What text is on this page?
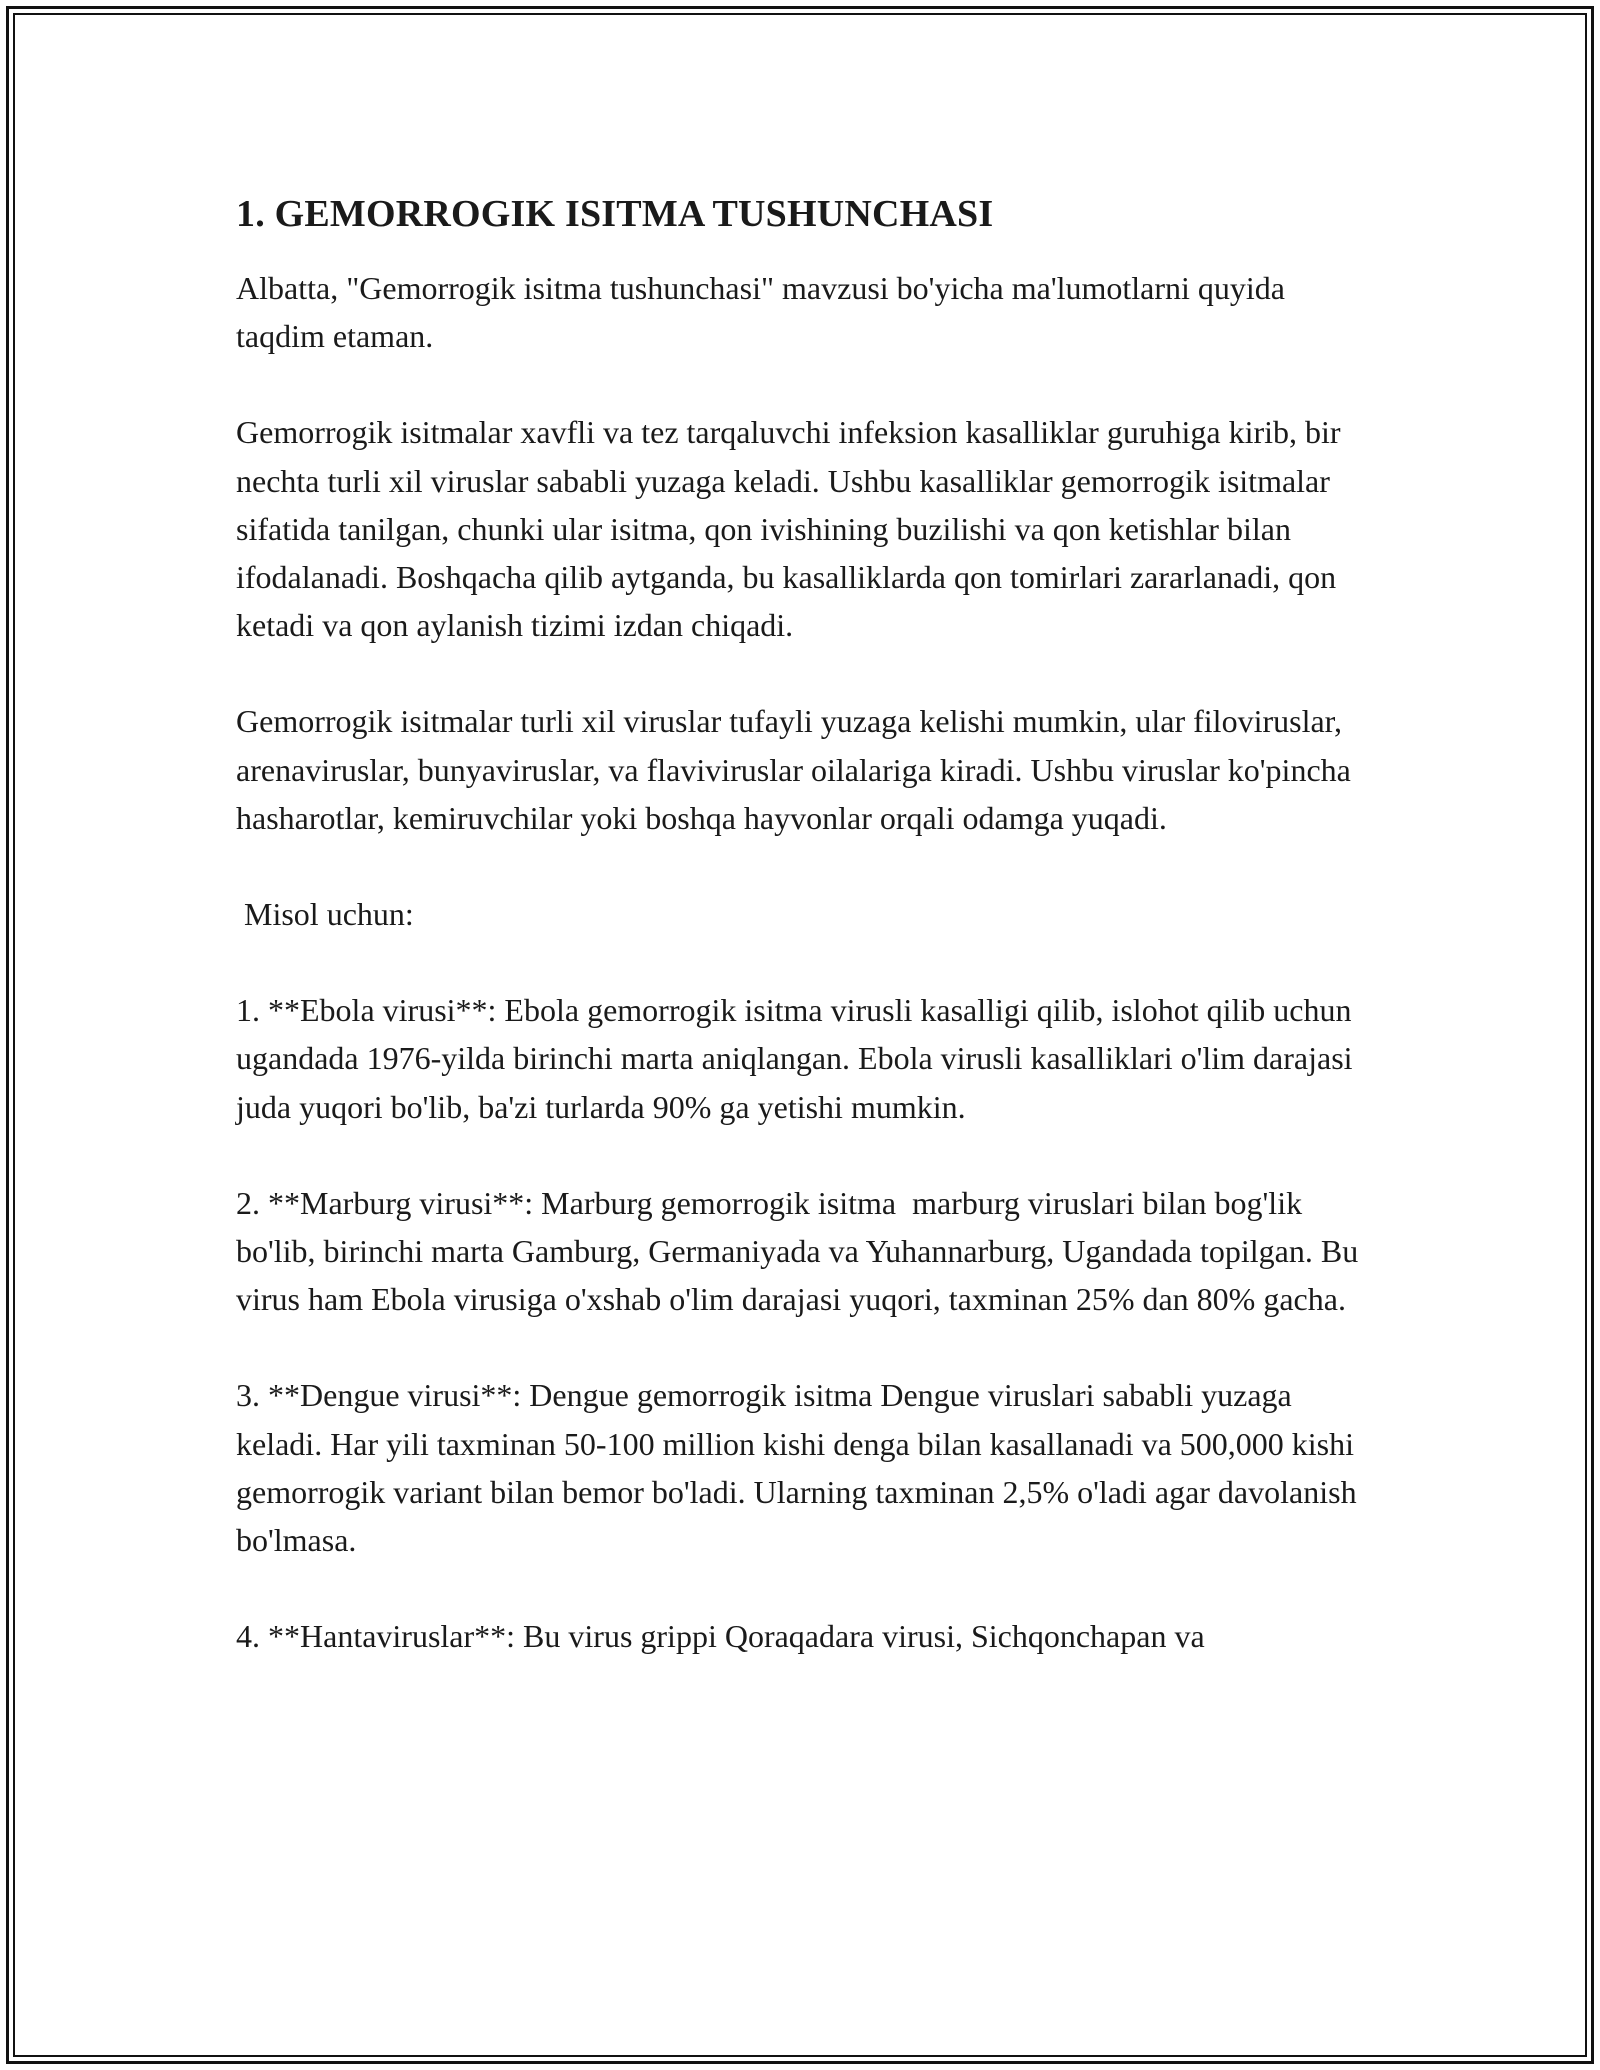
1. GEMORROGIK ISITMA TUSHUNCHASI

Albatta, "Gemorrogik isitma tushunchasi" mavzusi bo'yicha ma'lumotlarni quyida taqdim etaman.

Gemorrogik isitmalar xavfli va tez tarqaluvchi infeksion kasalliklar guruhiga kirib, bir nechta turli xil viruslar sababli yuzaga keladi. Ushbu kasalliklar gemorrogik isitmalar sifatida tanilgan, chunki ular isitma, qon ivishining buzilishi va qon ketishlar bilan ifodalanadi. Boshqacha qilib aytganda, bu kasalliklarda qon tomirlari zararlanadi, qon ketadi va qon aylanish tizimi izdan chiqadi.

Gemorrogik isitmalar turli xil viruslar tufayli yuzaga kelishi mumkin, ular filoviruslar, arenaviruslar, bunyaviruslar, va flaviviruslar oilalariga kiradi. Ushbu viruslar ko'pincha hasharotlar, kemiruvchilar yoki boshqa hayvonlar orqali odamga yuqadi.

Misol uchun:

1. **Ebola virusi**: Ebola gemorrogik isitma virusli kasalligi qilib, islohot qilib uchun ugandada 1976-yilda birinchi marta aniqlangan. Ebola virusli kasalliklari o'lim darajasi juda yuqori bo'lib, ba'zi turlarda 90% ga yetishi mumkin.

2. **Marburg virusi**: Marburg gemorrogik isitma  marburg viruslari bilan bog'lik bo'lib, birinchi marta Gamburg, Germaniyada va Yuhannarburg, Ugandada topilgan. Bu virus ham Ebola virusiga o'xshab o'lim darajasi yuqori, taxminan 25% dan 80% gacha.

3. **Dengue virusi**: Dengue gemorrogik isitma Dengue viruslari sababli yuzaga keladi. Har yili taxminan 50-100 million kishi denga bilan kasallanadi va 500,000 kishi gemorrogik variant bilan bemor bo'ladi. Ularning taxminan 2,5% o'ladi agar davolanish bo'lmasa.

4. **Hantaviruslar**: Bu virus grippi Qoraqadara virusi, Sichqonchapan va
